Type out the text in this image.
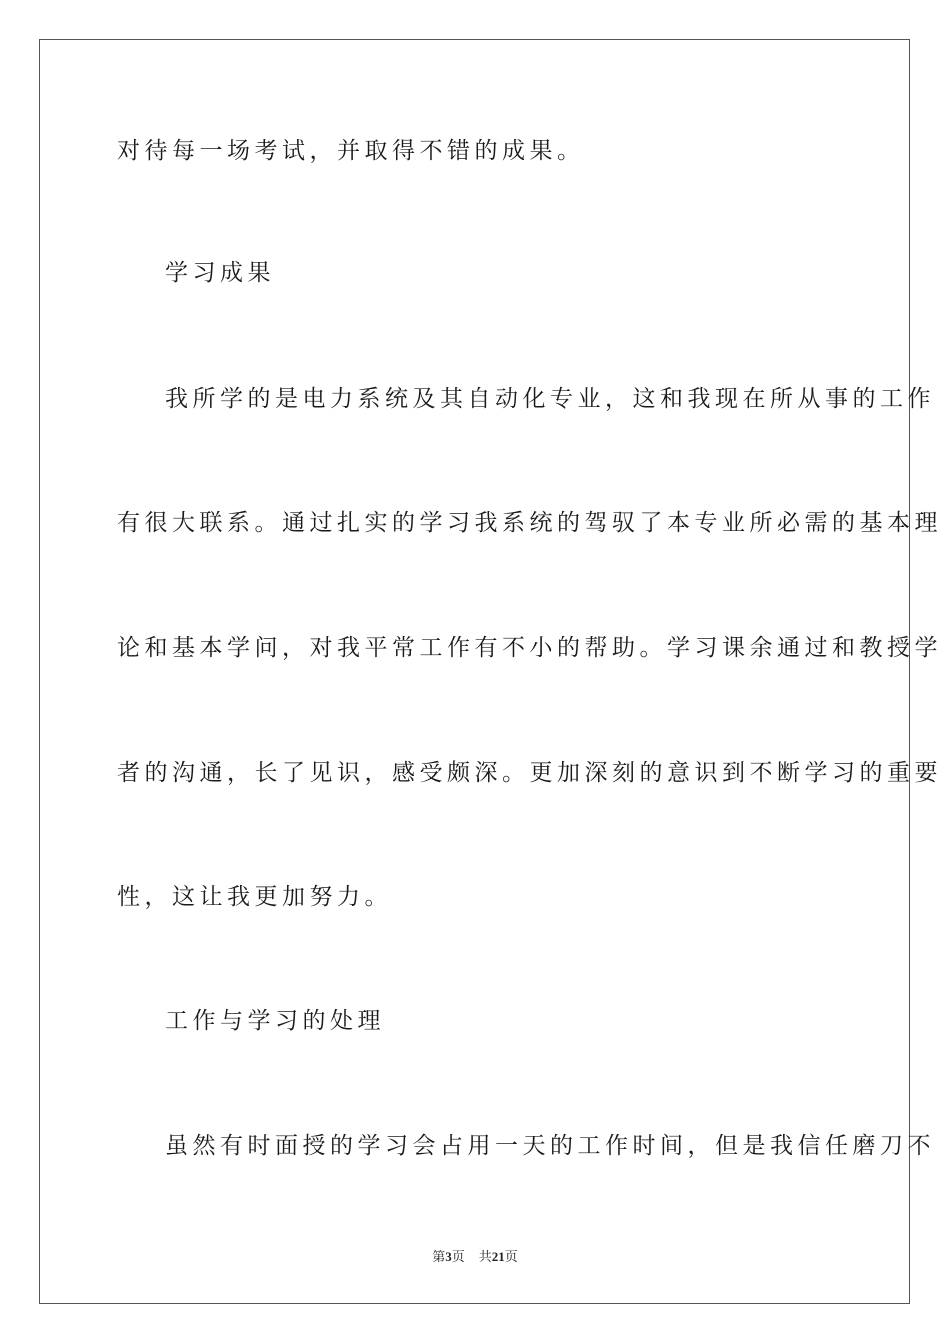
对待每一场考试，并取得不错的成果。
学习成果
我所学的是电力系统及其自动化专业，这和我现在所从事的工作
有很大联系。通过扎实的学习我系统的驾驭了本专业所必需的基本理
论和基本学问，对我平常工作有不小的帮助。学习课余通过和教授学
者的沟通，长了见识，感受颇深。更加深刻的意识到不断学习的重要
性，这让我更加努力。
工作与学习的处理
虽然有时面授的学习会占用一天的工作时间，但是我信任磨刀不
第3页 共21页
